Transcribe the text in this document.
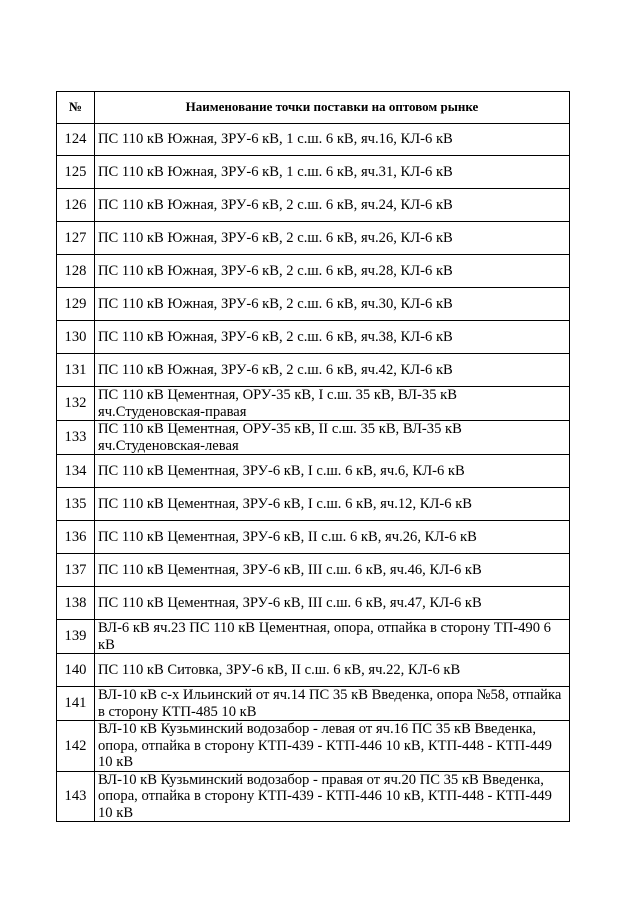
№	Наименование точки поставки на оптовом рынке
124	ПС 110 кВ Южная, ЗРУ-6 кВ, 1 с.ш. 6 кВ, яч.16, КЛ-6 кВ
125	ПС 110 кВ Южная, ЗРУ-6 кВ, 1 с.ш. 6 кВ, яч.31, КЛ-6 кВ
126	ПС 110 кВ Южная, ЗРУ-6 кВ, 2 с.ш. 6 кВ, яч.24, КЛ-6 кВ
127	ПС 110 кВ Южная, ЗРУ-6 кВ, 2 с.ш. 6 кВ, яч.26, КЛ-6 кВ
128	ПС 110 кВ Южная, ЗРУ-6 кВ, 2 с.ш. 6 кВ, яч.28, КЛ-6 кВ
129	ПС 110 кВ Южная, ЗРУ-6 кВ, 2 с.ш. 6 кВ, яч.30, КЛ-6 кВ
130	ПС 110 кВ Южная, ЗРУ-6 кВ, 2 с.ш. 6 кВ, яч.38, КЛ-6 кВ
131	ПС 110 кВ Южная, ЗРУ-6 кВ, 2 с.ш. 6 кВ, яч.42, КЛ-6 кВ
132	ПС 110 кВ Цементная, ОРУ-35 кВ, I с.ш. 35 кВ, ВЛ-35 кВ яч.Студеновская-правая
133	ПС 110 кВ Цементная, ОРУ-35 кВ, II с.ш. 35 кВ, ВЛ-35 кВ яч.Студеновская-левая
134	ПС 110 кВ Цементная, ЗРУ-6 кВ, I с.ш. 6 кВ, яч.6, КЛ-6 кВ
135	ПС 110 кВ Цементная, ЗРУ-6 кВ, I с.ш. 6 кВ, яч.12, КЛ-6 кВ
136	ПС 110 кВ Цементная, ЗРУ-6 кВ, II с.ш. 6 кВ, яч.26, КЛ-6 кВ
137	ПС 110 кВ Цементная, ЗРУ-6 кВ, III с.ш. 6 кВ, яч.46, КЛ-6 кВ
138	ПС 110 кВ Цементная, ЗРУ-6 кВ, III с.ш. 6 кВ, яч.47, КЛ-6 кВ
139	ВЛ-6 кВ яч.23 ПС 110 кВ Цементная, опора, отпайка в сторону ТП-490 6 кВ
140	ПС 110 кВ Ситовка, ЗРУ-6 кВ, II с.ш. 6 кВ, яч.22, КЛ-6 кВ
141	ВЛ-10 кВ с-х Ильинский от яч.14 ПС 35 кВ Введенка, опора №58, отпайка в сторону КТП-485 10 кВ
142	ВЛ-10 кВ Кузьминский водозабор - левая от яч.16 ПС 35 кВ Введенка, опора, отпайка в сторону КТП-439 - КТП-446 10 кВ, КТП-448 - КТП-449 10 кВ
143	ВЛ-10 кВ Кузьминский водозабор - правая от яч.20 ПС 35 кВ Введенка, опора, отпайка в сторону КТП-439 - КТП-446 10 кВ, КТП-448 - КТП-449 10 кВ
